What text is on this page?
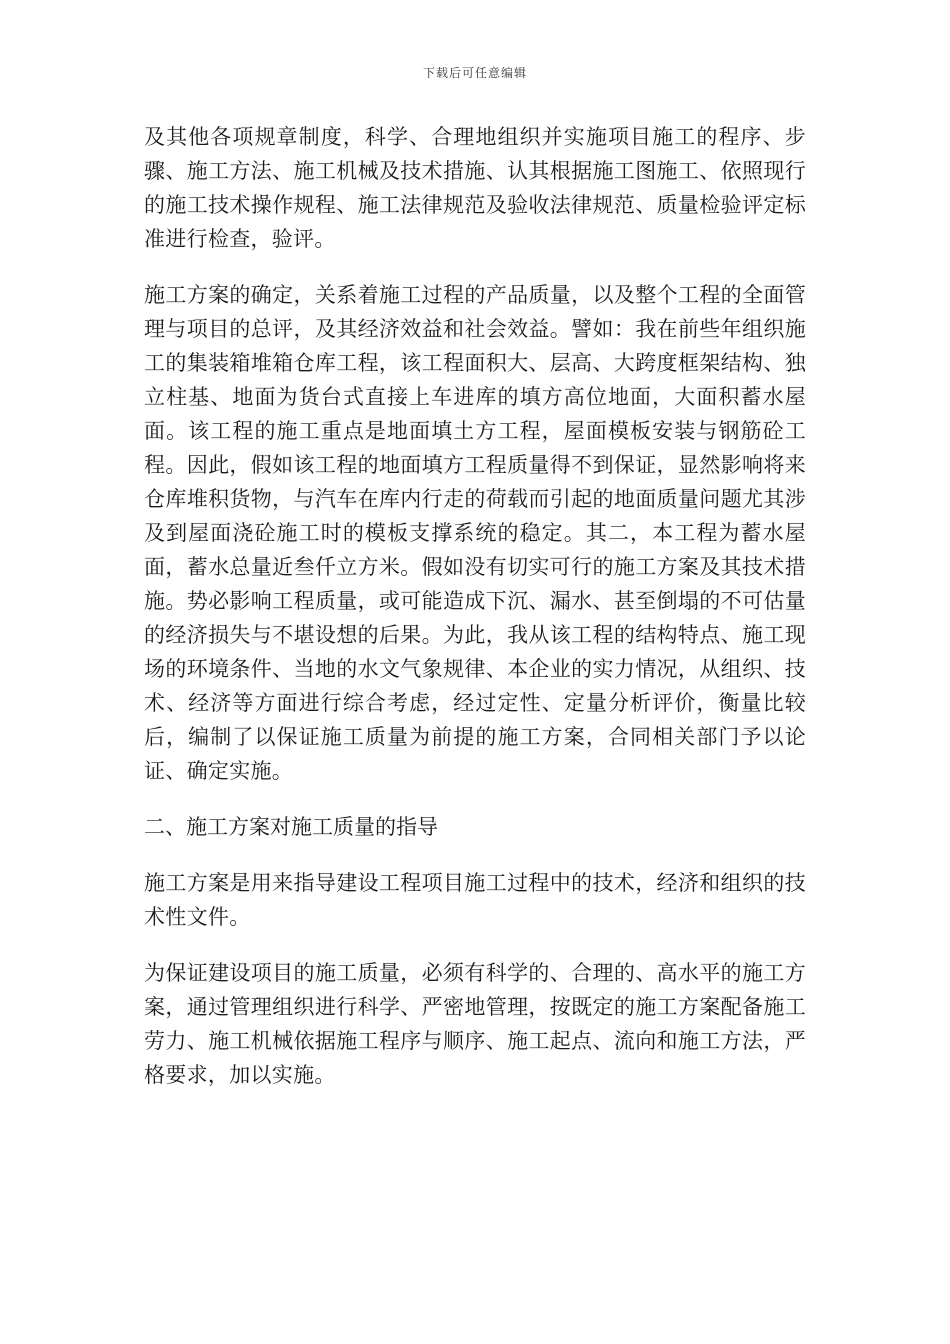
下载后可任意编辑

及其他各项规章制度，科学、合理地组织并实施项目施工的程序、步骤、施工方法、施工机械及技术措施、认其根据施工图施工、依照现行的施工技术操作规程、施工法律规范及验收法律规范、质量检验评定标准进行检查，验评。

施工方案的确定，关系着施工过程的产品质量，以及整个工程的全面管理与项目的总评，及其经济效益和社会效益。譬如：我在前些年组织施工的集装箱堆箱仓库工程，该工程面积大、层高、大跨度框架结构、独立柱基、地面为货台式直接上车进库的填方高位地面，大面积蓄水屋面。该工程的施工重点是地面填土方工程，屋面模板安装与钢筋砼工程。因此，假如该工程的地面填方工程质量得不到保证，显然影响将来仓库堆积货物，与汽车在库内行走的荷载而引起的地面质量问题尤其涉及到屋面浇砼施工时的模板支撑系统的稳定。其二，本工程为蓄水屋面，蓄水总量近叁仟立方米。假如没有切实可行的施工方案及其技术措施。势必影响工程质量，或可能造成下沉、漏水、甚至倒塌的不可估量的经济损失与不堪设想的后果。为此，我从该工程的结构特点、施工现场的环境条件、当地的水文气象规律、本企业的实力情况，从组织、技术、经济等方面进行综合考虑，经过定性、定量分析评价，衡量比较后，编制了以保证施工质量为前提的施工方案，合同相关部门予以论证、确定实施。

二、施工方案对施工质量的指导

施工方案是用来指导建设工程项目施工过程中的技术，经济和组织的技术性文件。

为保证建设项目的施工质量，必须有科学的、合理的、高水平的施工方案，通过管理组织进行科学、严密地管理，按既定的施工方案配备施工劳力、施工机械依据施工程序与顺序、施工起点、流向和施工方法，严格要求，加以实施。
